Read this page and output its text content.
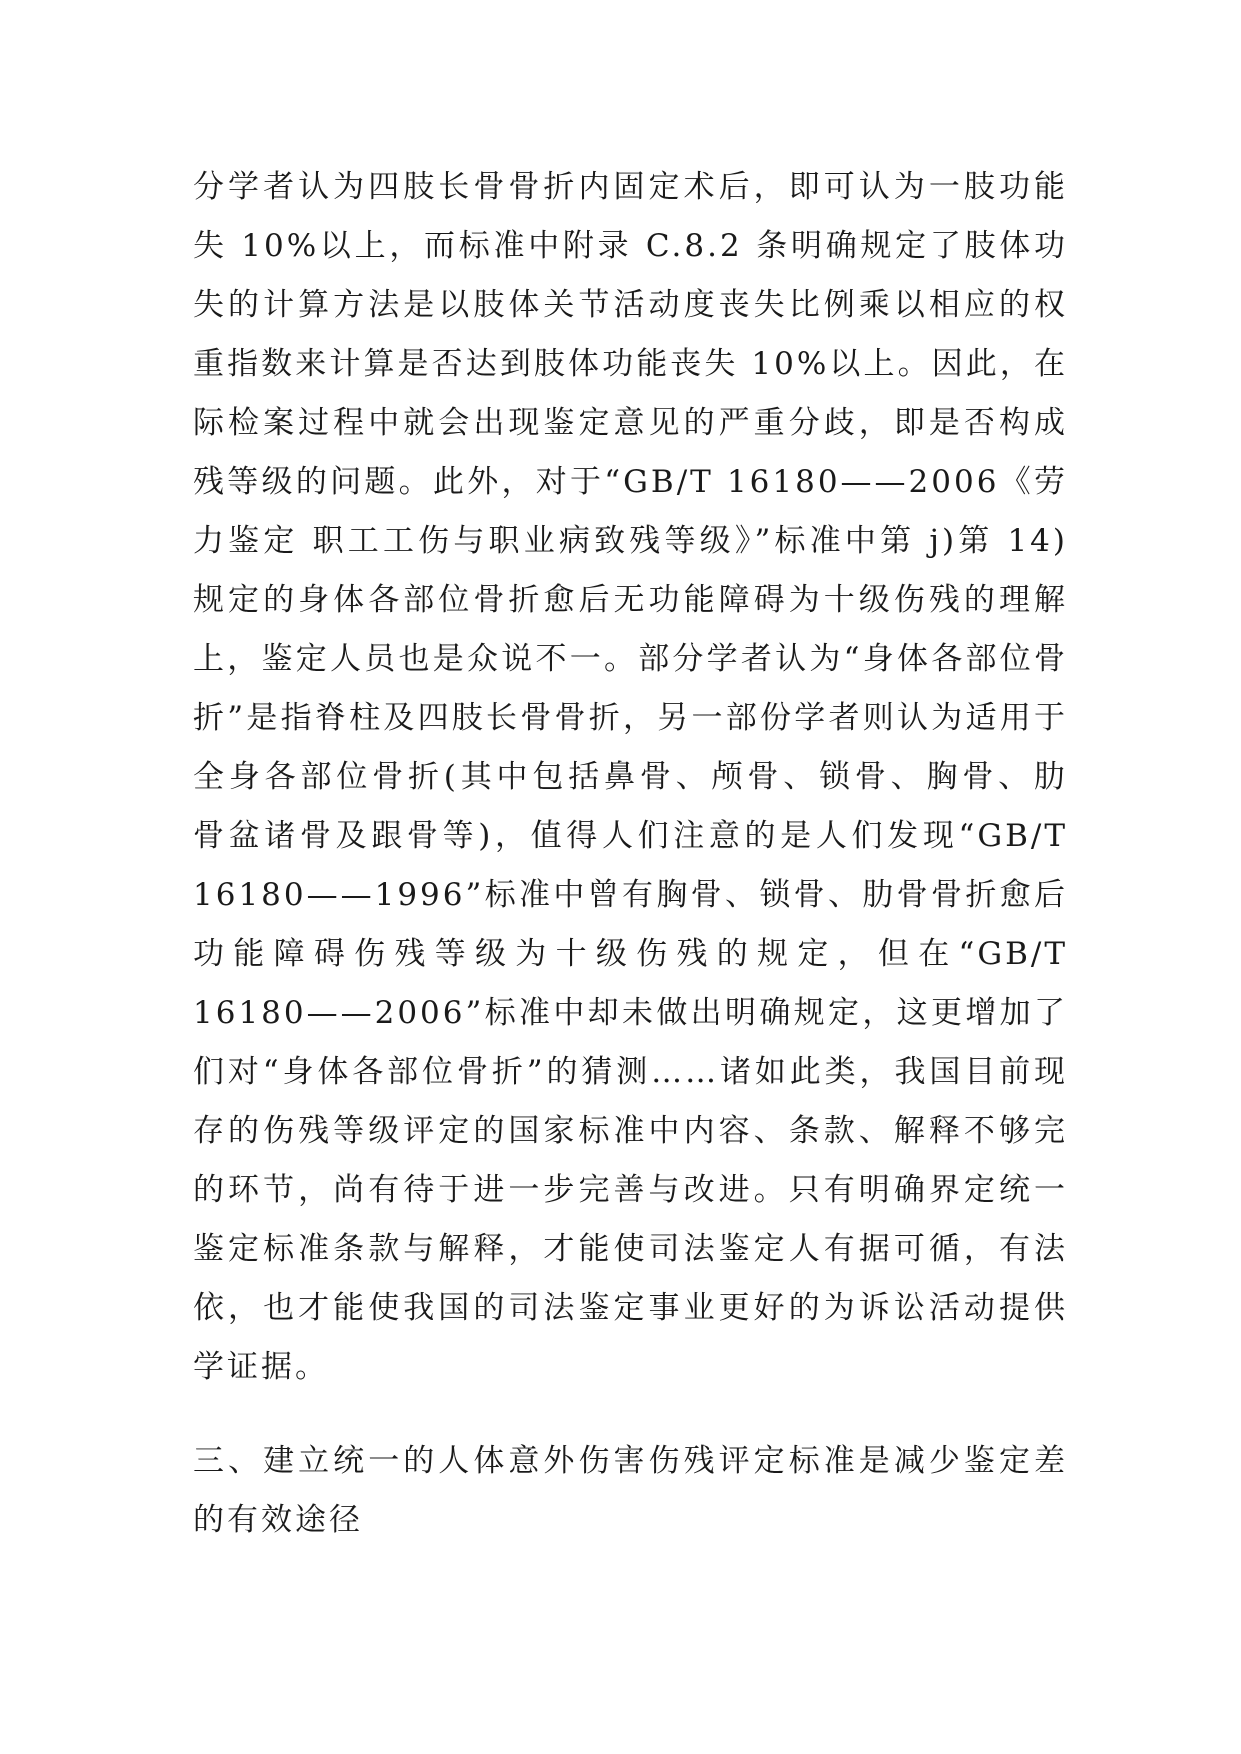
分学者认为四肢长骨骨折内固定术后，即可认为一肢功能
失 10%以上，而标准中附录 C.8.2 条明确规定了肢体功
失的计算方法是以肢体关节活动度丧失比例乘以相应的权
重指数来计算是否达到肢体功能丧失 10%以上。因此，在
际检案过程中就会出现鉴定意见的严重分歧，即是否构成
残等级的问题。此外，对于“GB/T 16180——2006《劳
力鉴定 职工工伤与职业病致残等级》”标准中第 j)第 14)
规定的身体各部位骨折愈后无功能障碍为十级伤残的理解
上，鉴定人员也是众说不一。部分学者认为“身体各部位骨
折”是指脊柱及四肢长骨骨折，另一部份学者则认为适用于
全身各部位骨折(其中包括鼻骨、颅骨、锁骨、胸骨、肋
骨盆诸骨及跟骨等)，值得人们注意的是人们发现“GB/T
16180——1996”标准中曾有胸骨、锁骨、肋骨骨折愈后
功能障碍伤残等级为十级伤残的规定，但在“GB/T
16180——2006”标准中却未做出明确规定，这更增加了
们对“身体各部位骨折”的猜测……诸如此类，我国目前现
存的伤残等级评定的国家标准中内容、条款、解释不够完
的环节，尚有待于进一步完善与改进。只有明确界定统一
鉴定标准条款与解释，才能使司法鉴定人有据可循，有法
依，也才能使我国的司法鉴定事业更好的为诉讼活动提供
学证据。
三、建立统一的人体意外伤害伤残评定标准是减少鉴定差
的有效途径
